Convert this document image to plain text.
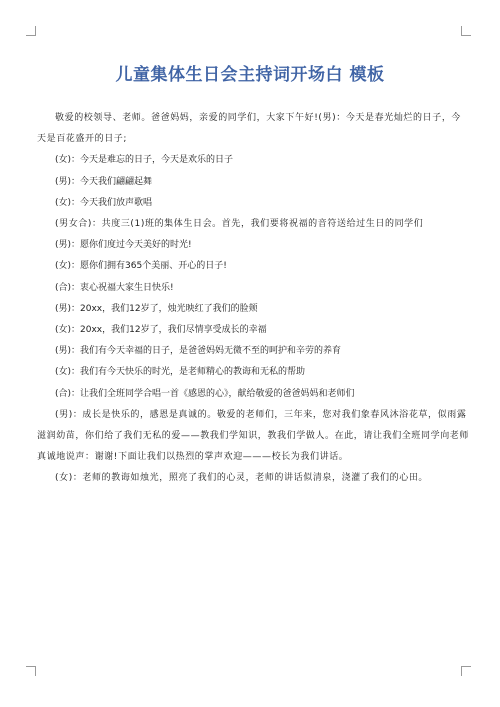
儿童集体生日会主持词开场白 模板

敬爱的校领导、老师。爸爸妈妈，亲爱的同学们，大家下午好!(男)：今天是春光灿烂的日子，今天是百花盛开的日子;

(女)：今天是难忘的日子，今天是欢乐的日子

(男)：今天我们翩翩起舞

(女)：今天我们放声歌唱

(男女合)：共度三(1)班的集体生日会。首先，我们要将祝福的音符送给过生日的同学们

(男)：愿你们度过今天美好的时光!

(女)：愿你们拥有365个美丽、开心的日子!

(合)：衷心祝福大家生日快乐!

(男)：20xx，我们12岁了，烛光映红了我们的脸颊

(女)：20xx，我们12岁了，我们尽情享受成长的幸福

(男)：我们有今天幸福的日子，是爸爸妈妈无微不至的呵护和辛劳的养育

(女)：我们有今天快乐的时光，是老师精心的教诲和无私的帮助

(合)：让我们全班同学合唱一首《感恩的心》，献给敬爱的爸爸妈妈和老师们

(男)：成长是快乐的，感恩是真诚的。敬爱的老师们，三年来，您对我们象春风沐浴花草，似雨露滋润幼苗，你们给了我们无私的爱——教我们学知识，教我们学做人。在此，请让我们全班同学向老师真诚地说声：谢谢!下面让我们以热烈的掌声欢迎———校长为我们讲话。

(女)：老师的教诲如烛光，照亮了我们的心灵，老师的讲话似清泉，浇灌了我们的心田。
